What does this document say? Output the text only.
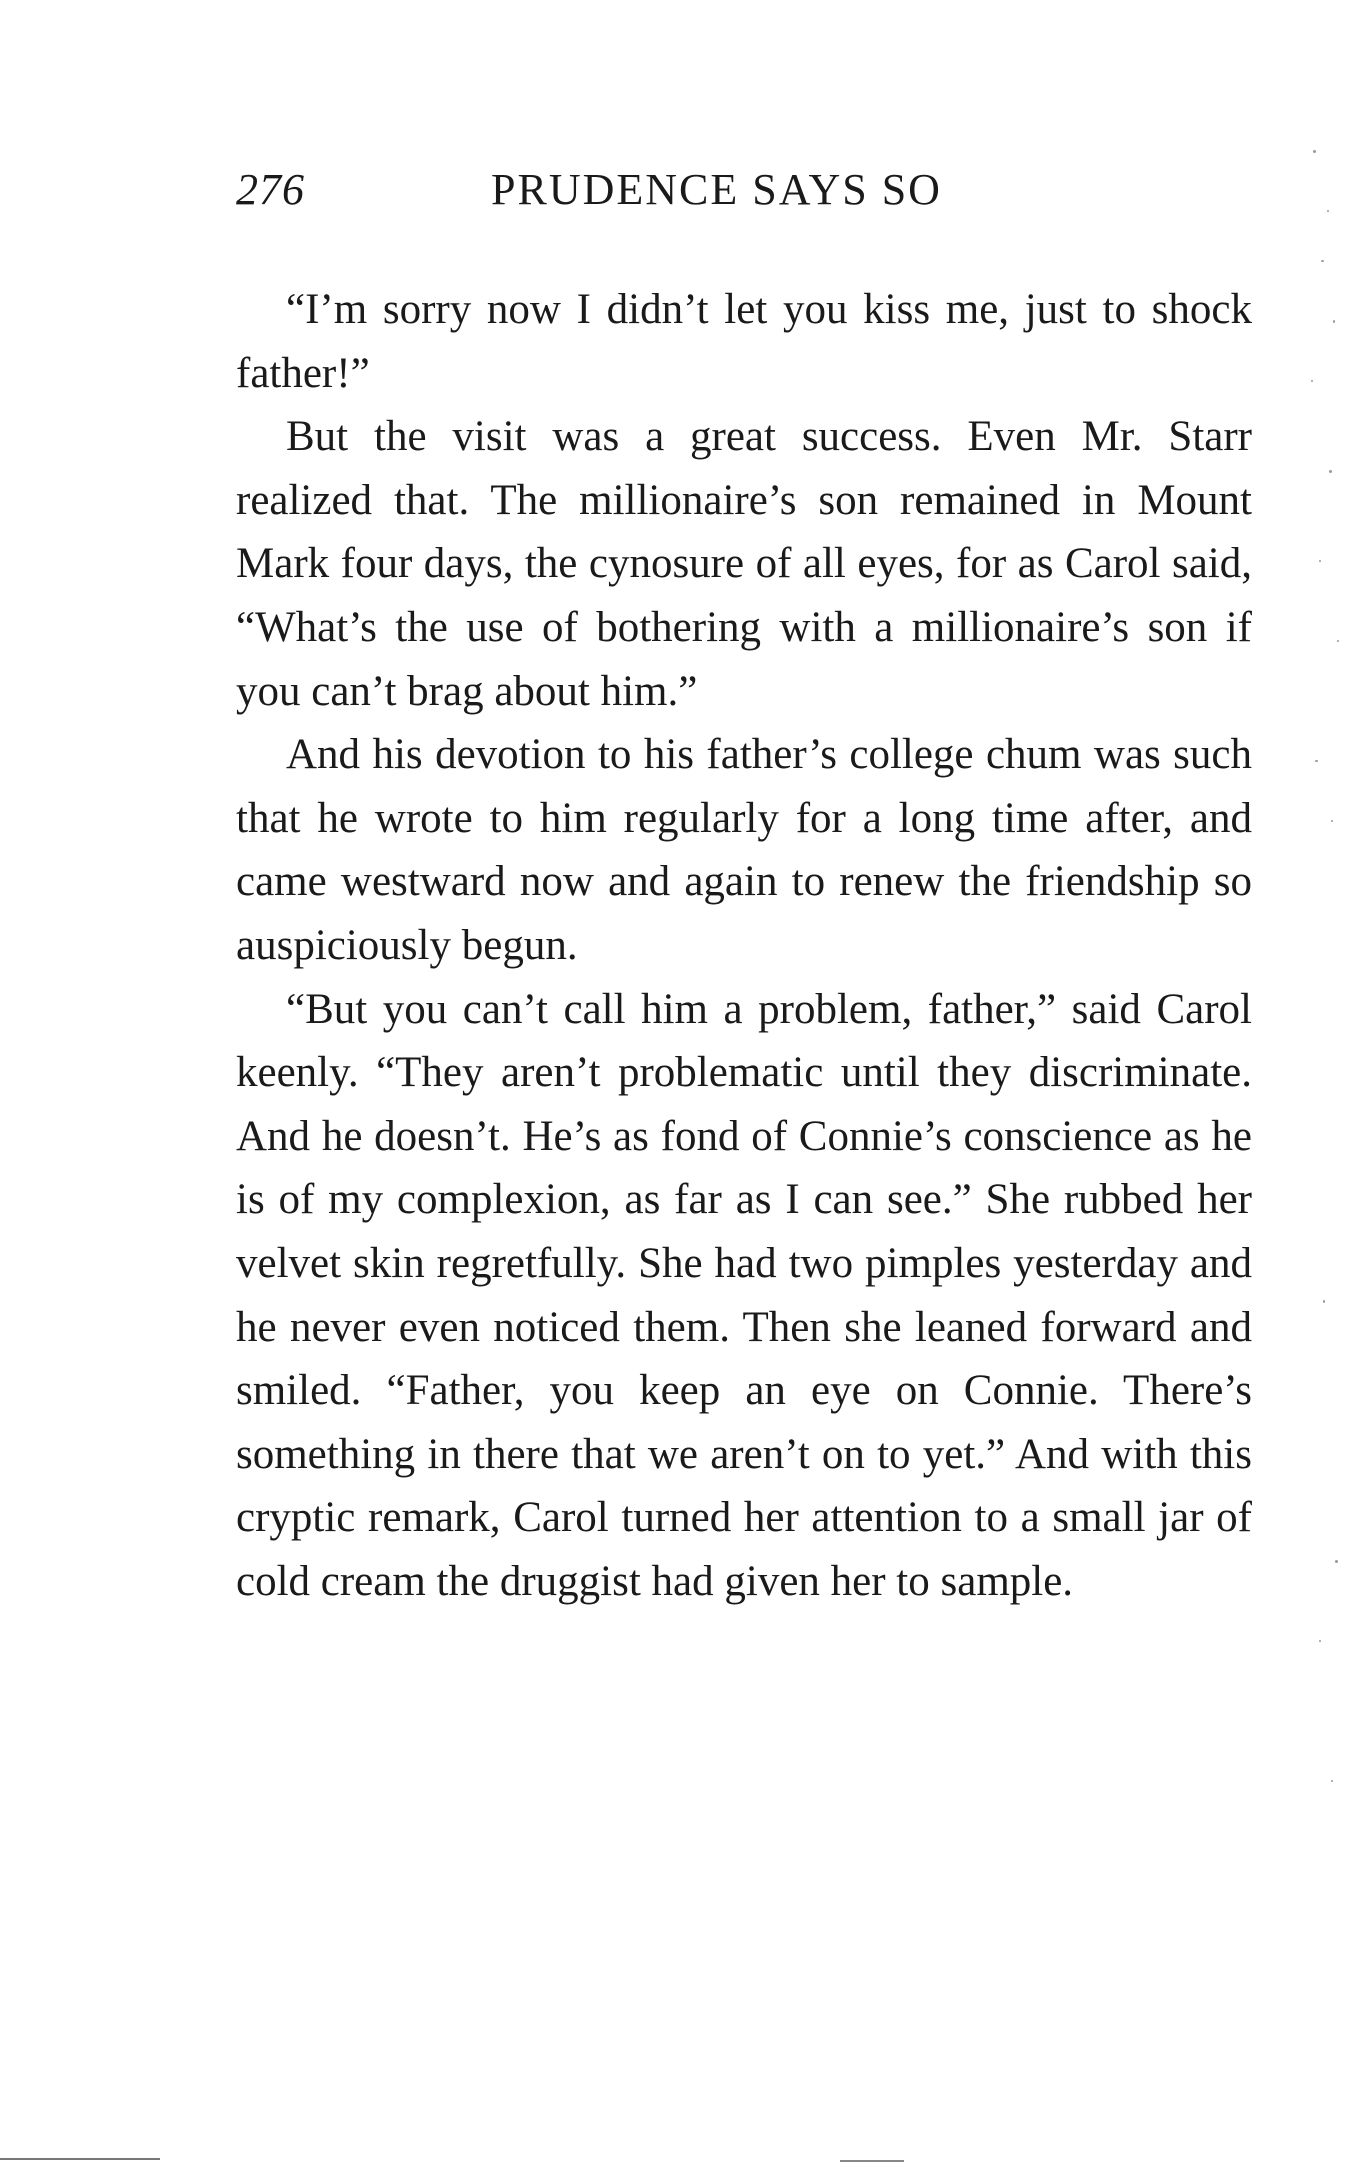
276	PRUDENCE SAYS SO

“I’m sorry now I didn’t let you kiss me, just to shock father!”

But the visit was a great success. Even Mr. Starr realized that. The millionaire’s son remained in Mount Mark four days, the cynosure of all eyes, for as Carol said, “What’s the use of bothering with a millionaire’s son if you can’t brag about him.”

And his devotion to his father’s college chum was such that he wrote to him regularly for a long time after, and came westward now and again to renew the friendship so auspiciously begun.

“But you can’t call him a problem, father,” said Carol keenly. “They aren’t problematic until they discriminate. And he doesn’t. He’s as fond of Connie’s conscience as he is of my complexion, as far as I can see.” She rubbed her velvet skin regretfully. She had two pimples yesterday and he never even noticed them. Then she leaned forward and smiled. “Father, you keep an eye on Connie. There’s something in there that we aren’t on to yet.” And with this cryptic remark, Carol turned her attention to a small jar of cold cream the druggist had given her to sample.
